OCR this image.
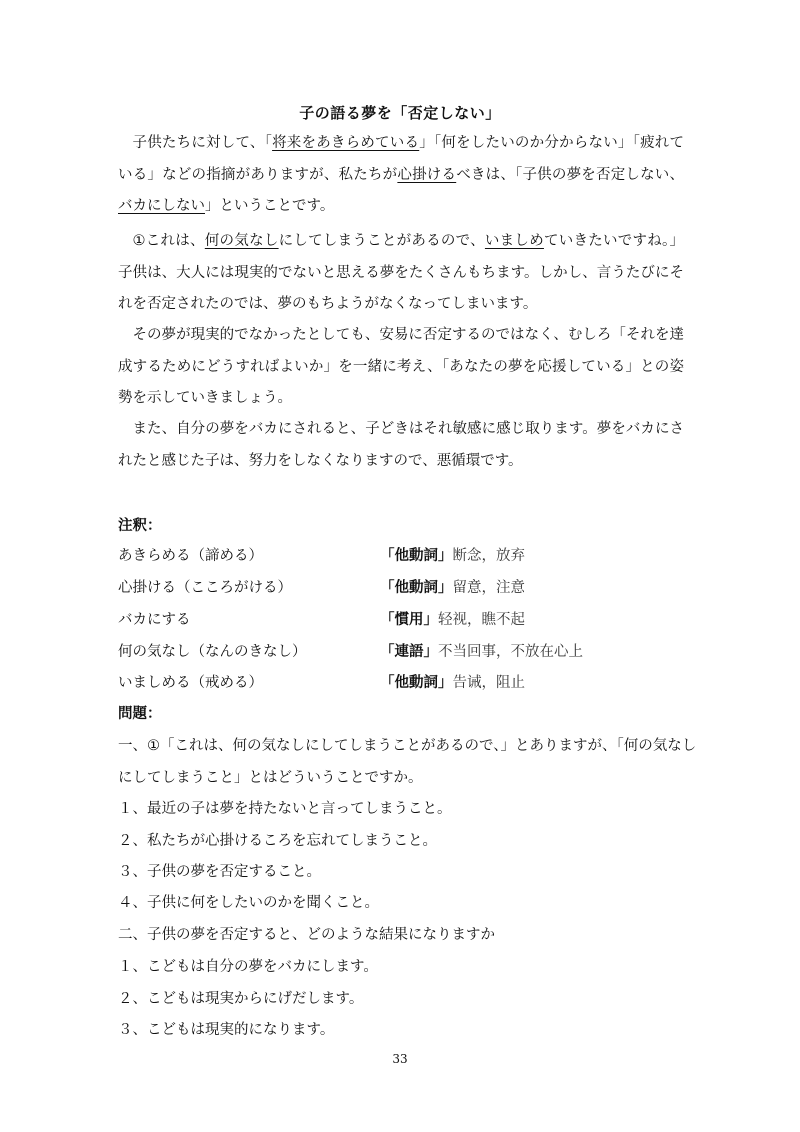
子の語る夢を「否定しない」
子供たちに対して、「将来をあきらめている」「何をしたいのか分からない」「疲れている」などの指摘がありますが、私たちが心掛けるべきは、「子供の夢を否定しない、バカにしない」ということです。
①これは、何の気なしにしてしまうことがあるので、いましめていきたいですね。」子供は、大人には現実的でないと思える夢をたくさんもちます。しかし、言うたびにそれを否定されたのでは、夢のもちようがなくなってしまいます。
その夢が現実的でなかったとしても、安易に否定するのではなく、むしろ「それを達成するためにどうすればよいか」を一緒に考え、「あなたの夢を応援している」との姿勢を示していきましょう。
また、自分の夢をバカにされると、子どきはそれ敏感に感じ取ります。夢をバカにされたと感じた子は、努力をしなくなりますので、悪循環です。
注釈：
あきらめる（諦める）	「他動詞」断念，放弃
心掛ける（こころがける）	「他動詞」留意，注意
バカにする	「慣用」轻视，瞧不起
何の気なし（なんのきなし）	「連語」不当回事，不放在心上
いましめる（戒める）	「他動詞」告诫，阻止
問題：
一、①「これは、何の気なしにしてしまうことがあるので、」とありますが、「何の気なし
にしてしまうこと」とはどういうことですか。
１、最近の子は夢を持たないと言ってしまうこと。
２、私たちが心掛けるころを忘れてしまうこと。
３、子供の夢を否定すること。
４、子供に何をしたいのかを聞くこと。
二、子供の夢を否定すると、どのような結果になりますか
１、こどもは自分の夢をバカにします。
２、こどもは現実からにげだします。
３、こどもは現実的になります。
33
